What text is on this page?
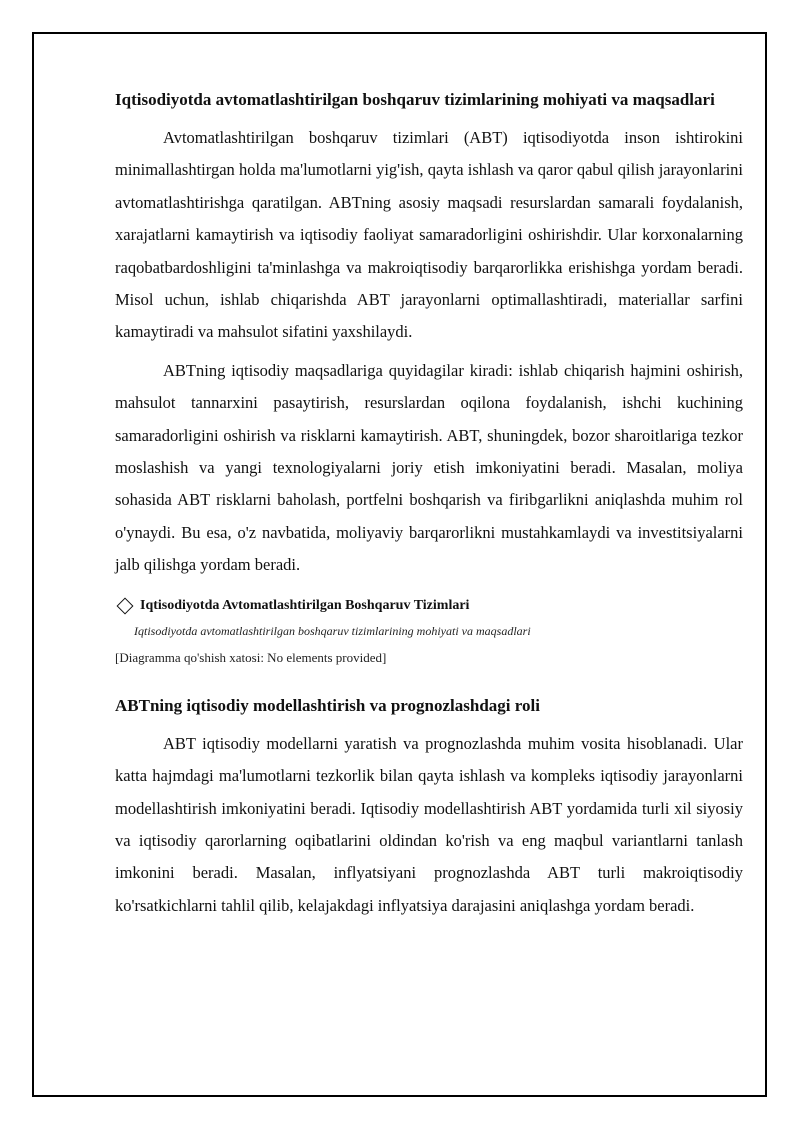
Iqtisodiyotda avtomatlashtirilgan boshqaruv tizimlarining mohiyati va maqsadlari

Avtomatlashtirilgan boshqaruv tizimlari (ABT) iqtisodiyotda inson ishtirokini minimallashtirgan holda ma'lumotlarni yig'ish, qayta ishlash va qaror qabul qilish jarayonlarini avtomatlashtirishga qaratilgan. ABTning asosiy maqsadi resurslardan samarali foydalanish, xarajatlarni kamaytirish va iqtisodiy faoliyat samaradorligini oshirishdir. Ular korxonalarning raqobatbardoshligini ta'minlashga va makroiqtisodiy barqarorlikka erishishga yordam beradi. Misol uchun, ishlab chiqarishda ABT jarayonlarni optimallashtiradi, materiallar sarfini kamaytiradi va mahsulot sifatini yaxshilaydi.

ABTning iqtisodiy maqsadlariga quyidagilar kiradi: ishlab chiqarish hajmini oshirish, mahsulot tannarxini pasaytirish, resurslardan oqilona foydalanish, ishchi kuchining samaradorligini oshirish va risklarni kamaytirish. ABT, shuningdek, bozor sharoitlariga tezkor moslashish va yangi texnologiyalarni joriy etish imkoniyatini beradi. Masalan, moliya sohasida ABT risklarni baholash, portfelni boshqarish va firibgarlikni aniqlashda muhim rol o'ynaydi. Bu esa, o'z navbatida, moliyaviy barqarorlikni mustahkamlaydi va investitsiyalarni jalb qilishga yordam beradi.

Iqtisodiyotda Avtomatlashtirilgan Boshqaruv Tizimlari
Iqtisodiyotda avtomatlashtirilgan boshqaruv tizimlarining mohiyati va maqsadlari
[Diagramma qo'shish xatosi: No elements provided]
ABTning iqtisodiy modellashtirish va prognozlashdagi roli

ABT iqtisodiy modellarni yaratish va prognozlashda muhim vosita hisoblanadi. Ular katta hajmdagi ma'lumotlarni tezkorlik bilan qayta ishlash va kompleks iqtisodiy jarayonlarni modellashtirish imkoniyatini beradi. Iqtisodiy modellashtirish ABT yordamida turli xil siyosiy va iqtisodiy qarorlarning oqibatlarini oldindan ko'rish va eng maqbul variantlarni tanlash imkonini beradi. Masalan, inflyatsiyani prognozlashda ABT turli makroiqtisodiy ko'rsatkichlarni tahlil qilib, kelajakdagi inflyatsiya darajasini aniqlashga yordam beradi.
